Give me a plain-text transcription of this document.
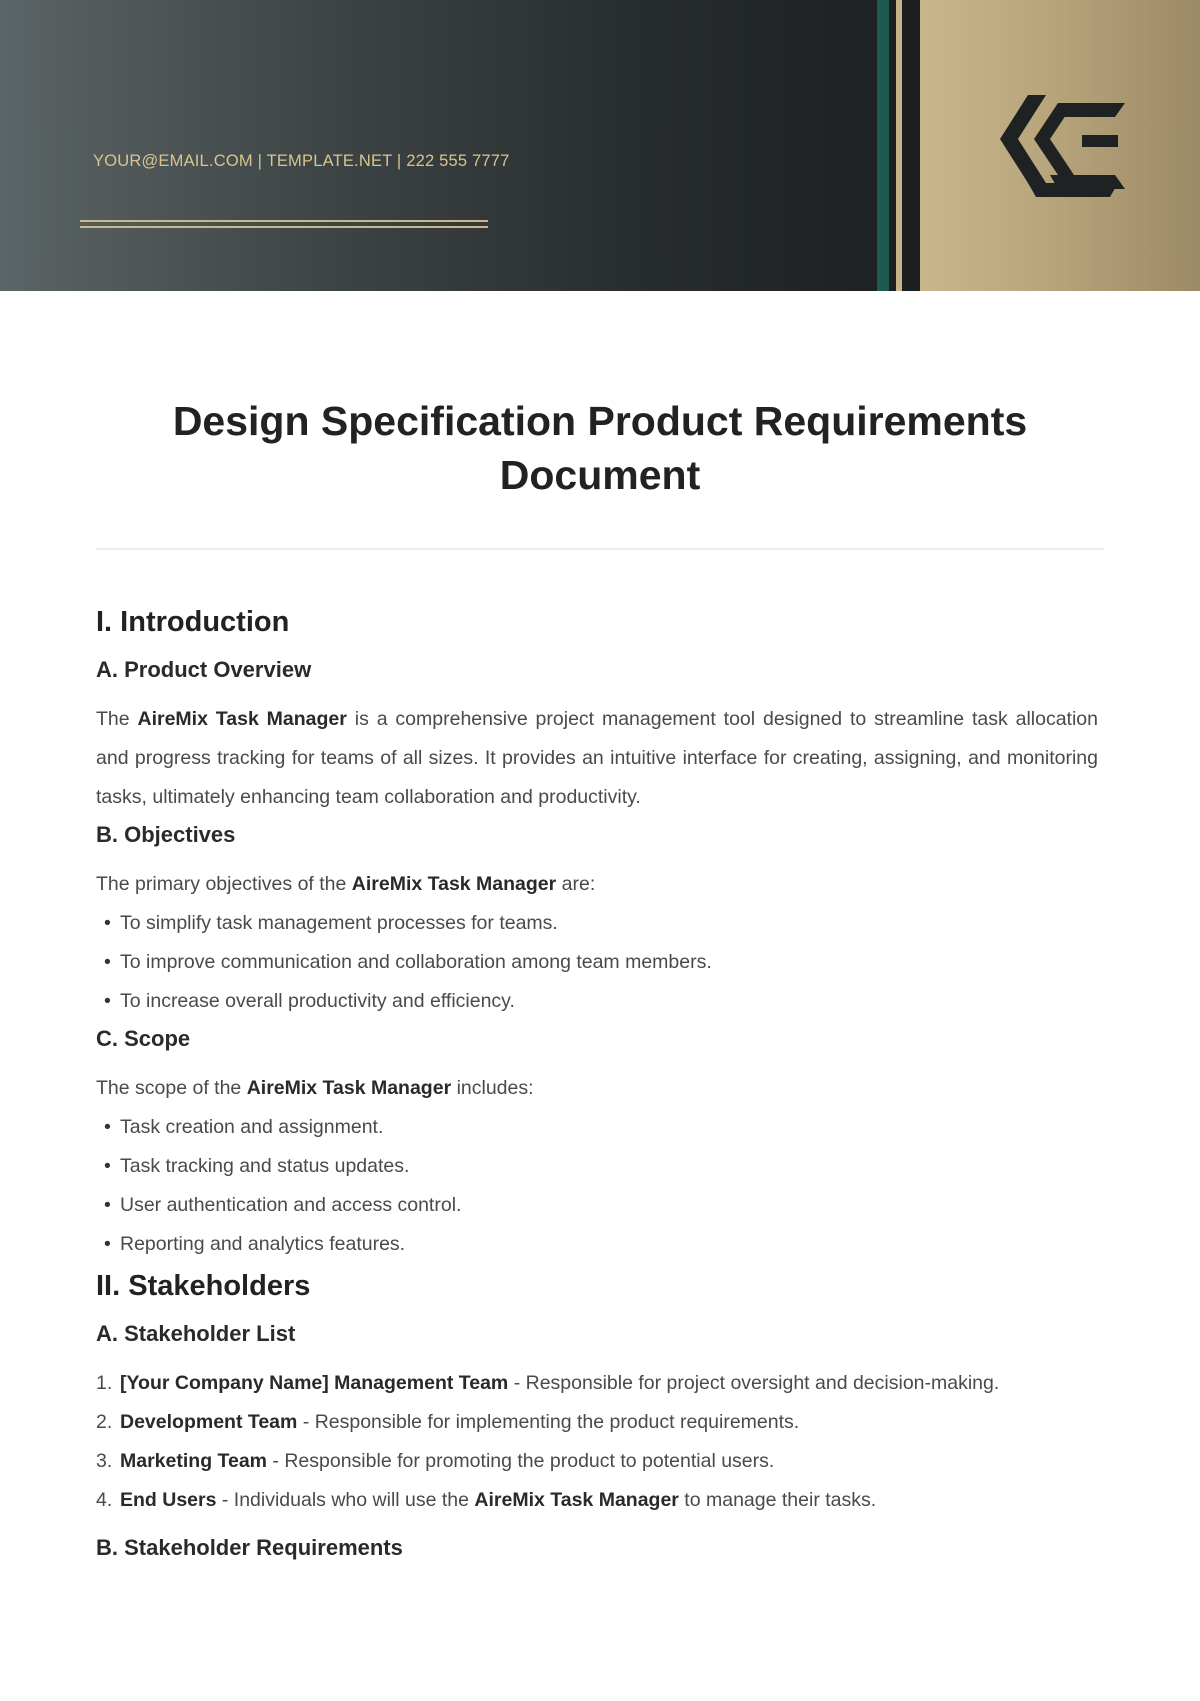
YOUR@EMAIL.COM | TEMPLATE.NET | 222 555 7777
Design Specification Product Requirements
Document
I. Introduction
A. Product Overview

The AireMix Task Manager is a comprehensive project management tool designed to streamline task allocation and progress tracking for teams of all sizes. It provides an intuitive interface for creating, assigning, and monitoring tasks, ultimately enhancing team collaboration and productivity.

B. Objectives

The primary objectives of the AireMix Task Manager are:

• To simplify task management processes for teams.
• To improve communication and collaboration among team members.
• To increase overall productivity and efficiency.
C. Scope

The scope of the AireMix Task Manager includes:

• Task creation and assignment.
• Task tracking and status updates.
• User authentication and access control.
• Reporting and analytics features.
II. Stakeholders
A. Stakeholder List
1. [Your Company Name] Management Team - Responsible for project oversight and decision-making.
2. Development Team - Responsible for implementing the product requirements.
3. Marketing Team - Responsible for promoting the product to potential users.
4. End Users - Individuals who will use the AireMix Task Manager to manage their tasks.
B. Stakeholder Requirements
